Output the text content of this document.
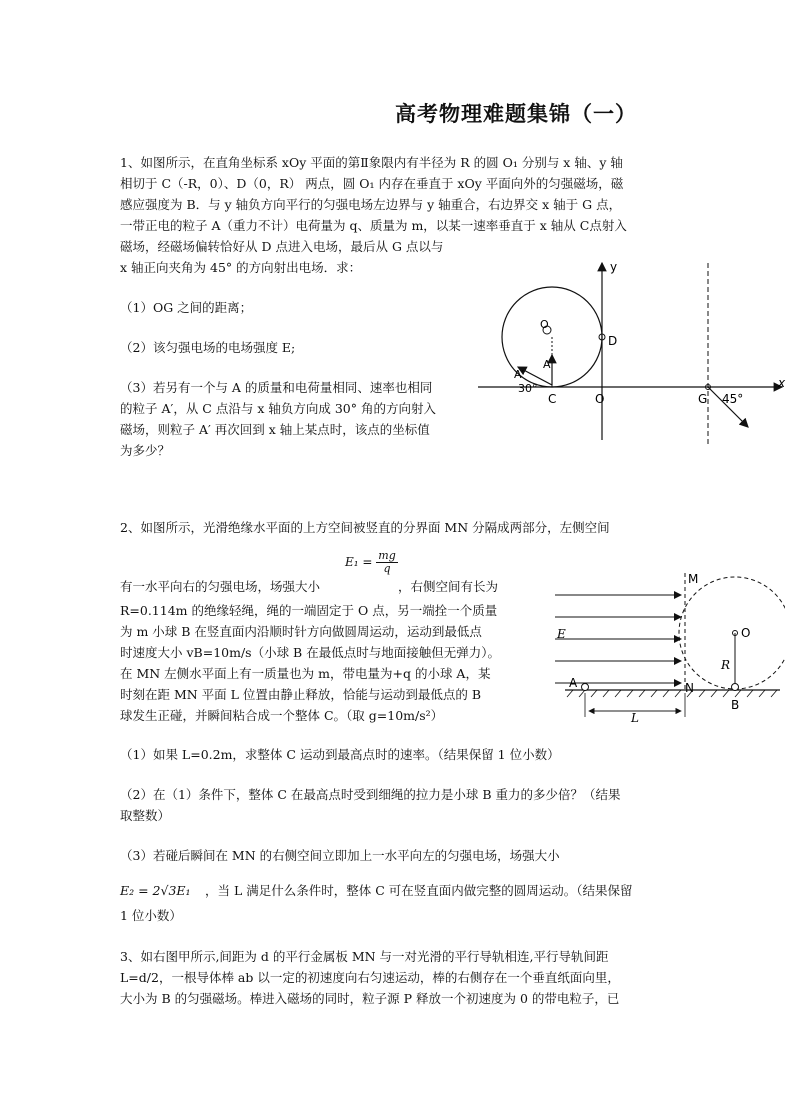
高考物理难题集锦（一）
1、如图所示，在直角坐标系 xOy 平面的第Ⅱ象限内有半径为 R 的圆 O₁ 分别与 x 轴、y 轴
相切于 C（-R，0）、D（0，R） 两点，圆 O₁ 内存在垂直于 xOy 平面向外的匀强磁场，磁
感应强度为 B．与 y 轴负方向平行的匀强电场左边界与 y 轴重合，右边界交 x 轴于 G 点，
一带正电的粒子 A（重力不计）电荷量为 q、质量为 m，以某一速率垂直于 x 轴从 C点射入
磁场，经磁场偏转恰好从 D 点进入电场，最后从 G 点以与
x 轴正向夹角为 45° 的方向射出电场．求：
（1）OG 之间的距离；
（2）该匀强电场的电场强度 E;
（3）若另有一个与 A 的质量和电荷量相同、速率也相同
的粒子 A′，从 C 点沿与 x 轴负方向成 30° 角的方向射入
磁场，则粒子 A′ 再次回到 x 轴上某点时，该点的坐标值
为多少？
y
x
O
D
A
A′
30°
C	O	G 45°
2、如图所示，光滑绝缘水平面的上方空间被竖直的分界面 MN 分隔成两部分，左侧空间
$E_1 = \frac{mg}{q}$
有一水平向右的匀强电场，场强大小	，右侧空间有长为
R=0.114m 的绝缘轻绳，绳的一端固定于 O 点，另一端拴一个质量
为 m 小球 B 在竖直面内沿顺时针方向做圆周运动，运动到最低点
时速度大小 vB=10m/s（小球 B 在最低点时与地面接触但无弹力）。
在 MN 左侧水平面上有一质量也为 m，带电量为+q 的小球 A，某
时刻在距 MN 平面 L 位置由静止释放，恰能与运动到最低点的 B
球发生正碰，并瞬间粘合成一个整体 C。（取 g=10m/s²）
（1）如果 L=0.2m，求整体 C 运动到最高点时的速率。（结果保留 1 位小数）
（2）在（1）条件下，整体 C 在最高点时受到细绳的拉力是小球 B 重力的多少倍？（结果
取整数）
（3）若碰后瞬间在 MN 的右侧空间立即加上一水平向左的匀强电场，场强大小
E₂ = 2√3E₁ ，当 L 满足什么条件时，整体 C 可在竖直面内做完整的圆周运动。（结果保留
1 位小数）
E
M
N
O
R
B
A
L
3、如右图甲所示,间距为 d 的平行金属板 MN 与一对光滑的平行导轨相连,平行导轨间距
L=d/2，一根导体棒 ab 以一定的初速度向右匀速运动，棒的右侧存在一个垂直纸面向里，
大小为 B 的匀强磁场。棒进入磁场的同时，粒子源 P 释放一个初速度为 0 的带电粒子，已
